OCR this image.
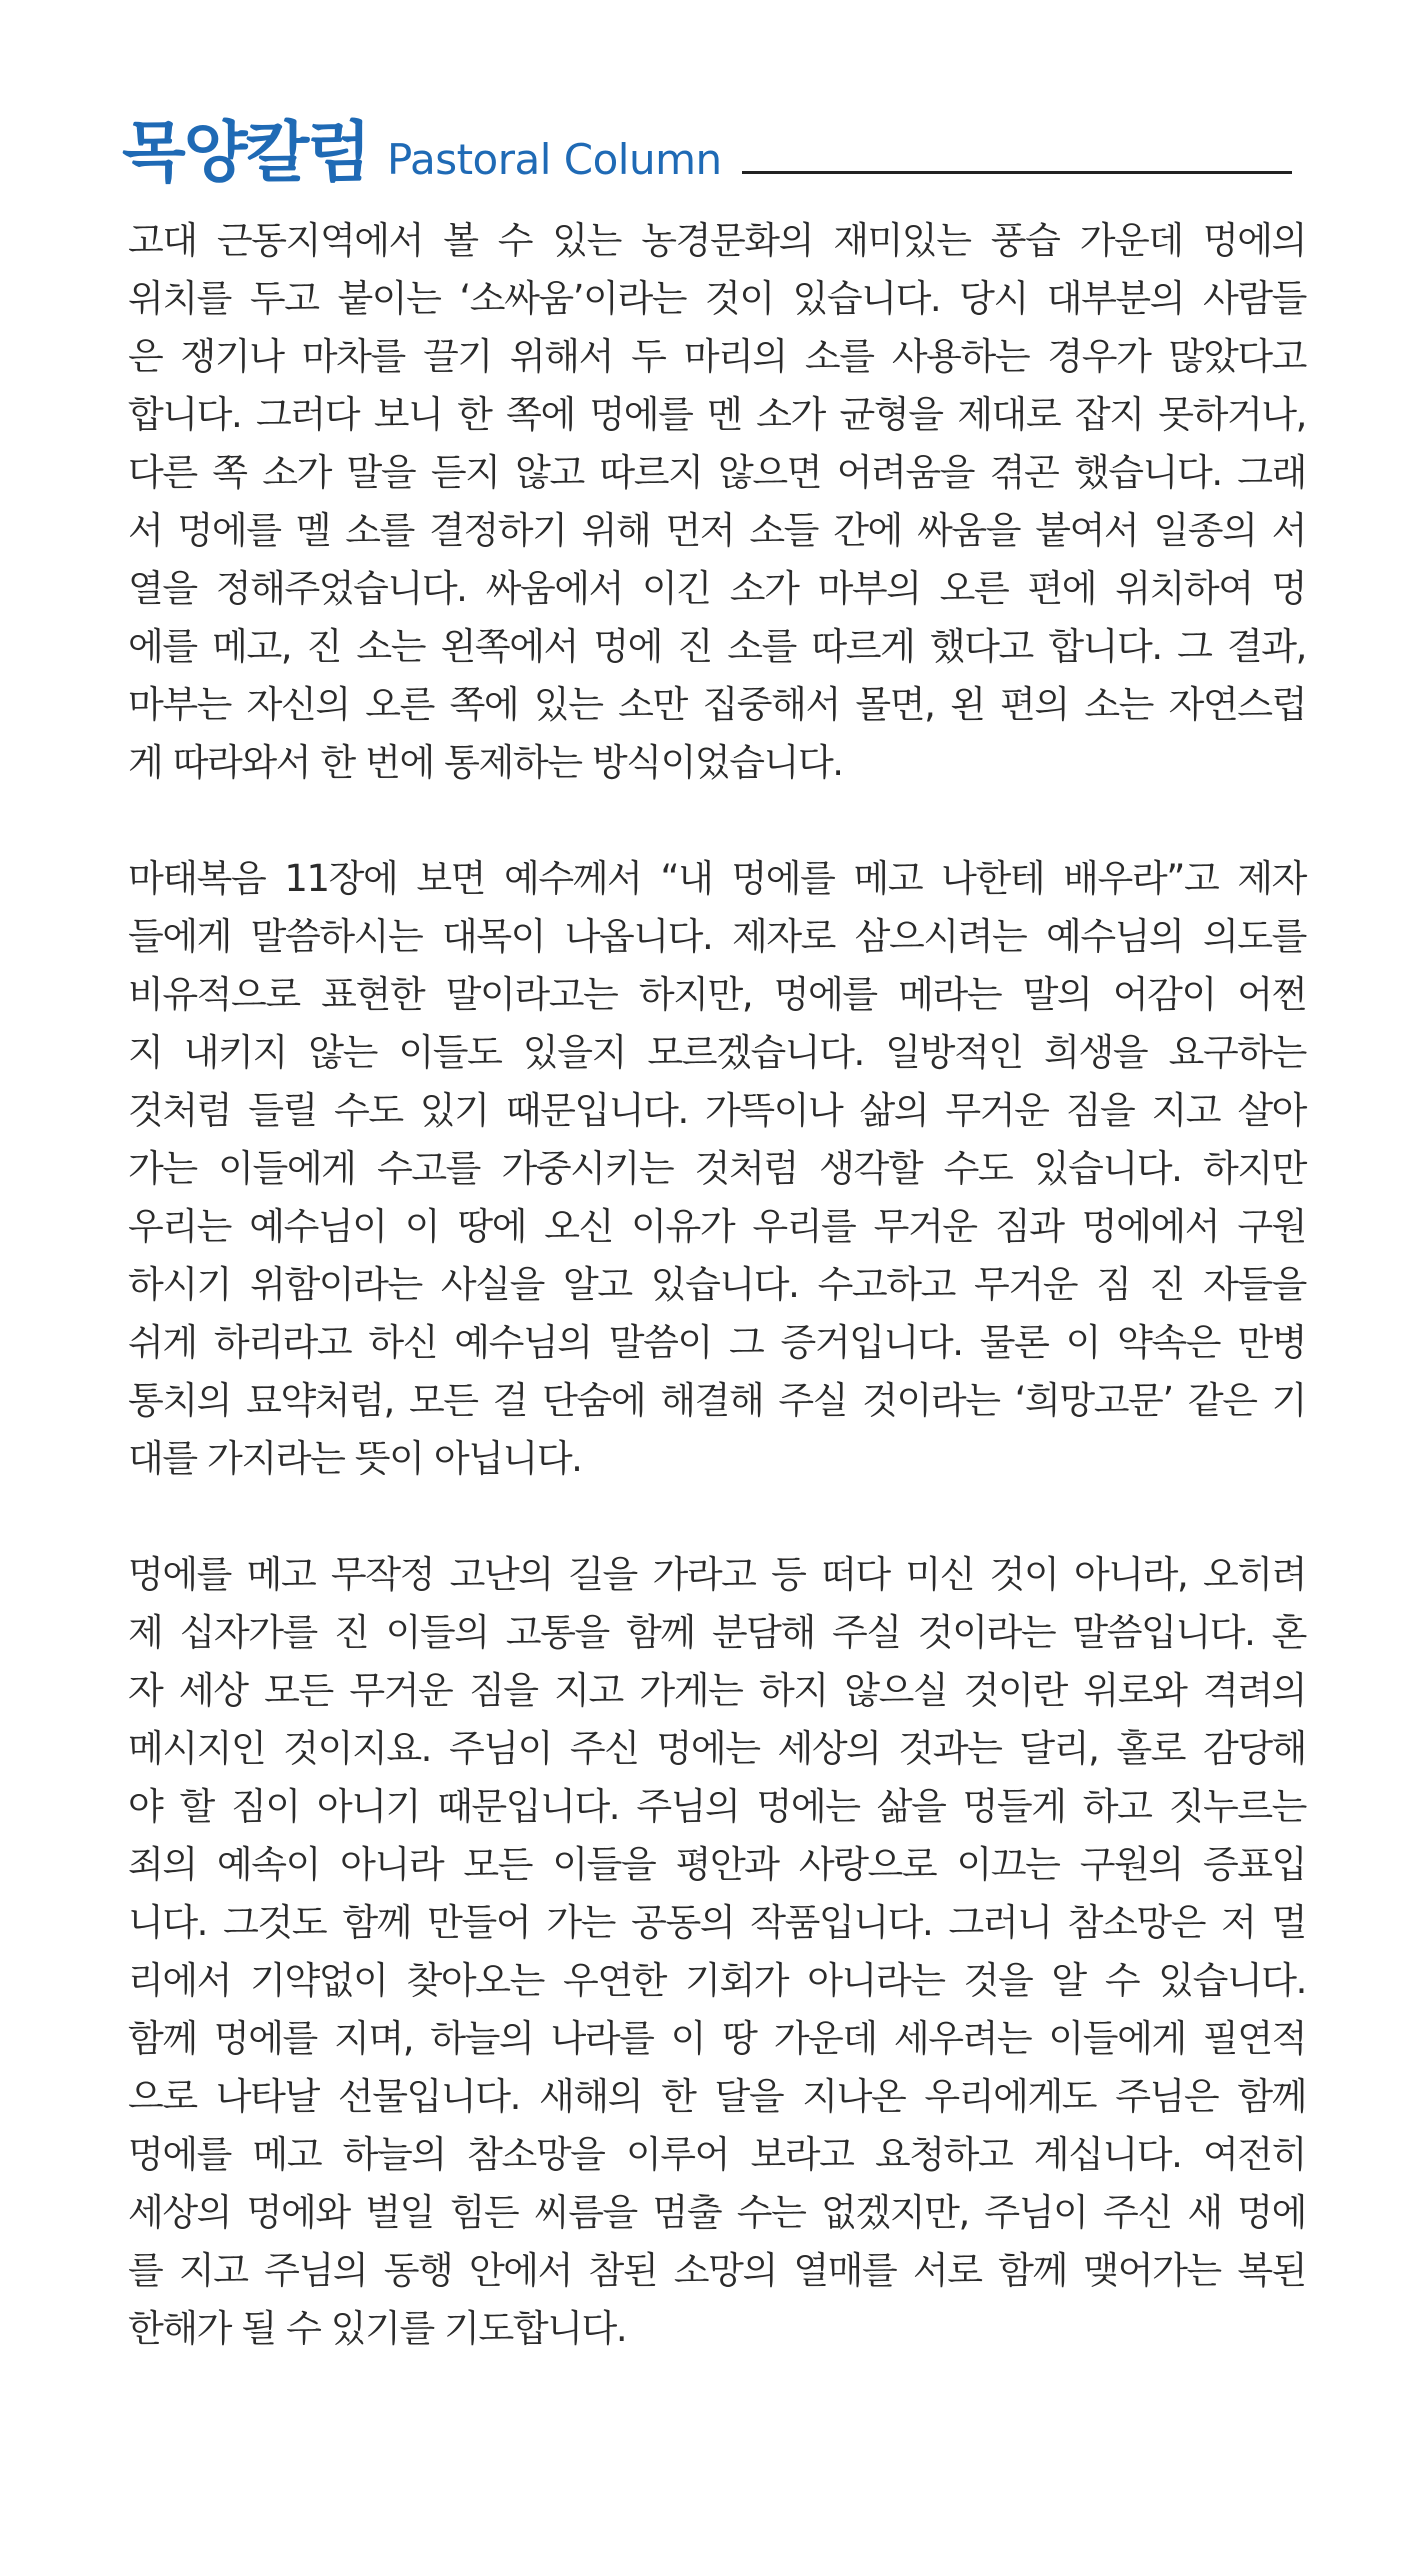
목양칼럼 Pastoral Column
고대 근동지역에서 볼 수 있는 농경문화의 재미있는 풍습 가운데 멍에의
위치를 두고 붙이는 ‘소싸움’이라는 것이 있습니다. 당시 대부분의 사람들
은 쟁기나 마차를 끌기 위해서 두 마리의 소를 사용하는 경우가 많았다고
합니다. 그러다 보니 한 쪽에 멍에를 멘 소가 균형을 제대로 잡지 못하거나,
다른 쪽 소가 말을 듣지 않고 따르지 않으면 어려움을 겪곤 했습니다. 그래
서 멍에를 멜 소를 결정하기 위해 먼저 소들 간에 싸움을 붙여서 일종의 서
열을 정해주었습니다. 싸움에서 이긴 소가 마부의 오른 편에 위치하여 멍
에를 메고, 진 소는 왼쪽에서 멍에 진 소를 따르게 했다고 합니다. 그 결과,
마부는 자신의 오른 쪽에 있는 소만 집중해서 몰면, 왼 편의 소는 자연스럽
게 따라와서 한 번에 통제하는 방식이었습니다.
마태복음 11장에 보면 예수께서 “내 멍에를 메고 나한테 배우라”고 제자
들에게 말씀하시는 대목이 나옵니다. 제자로 삼으시려는 예수님의 의도를
비유적으로 표현한 말이라고는 하지만, 멍에를 메라는 말의 어감이 어쩐
지 내키지 않는 이들도 있을지 모르겠습니다. 일방적인 희생을 요구하는
것처럼 들릴 수도 있기 때문입니다. 가뜩이나 삶의 무거운 짐을 지고 살아
가는 이들에게 수고를 가중시키는 것처럼 생각할 수도 있습니다. 하지만
우리는 예수님이 이 땅에 오신 이유가 우리를 무거운 짐과 멍에에서 구원
하시기 위함이라는 사실을 알고 있습니다. 수고하고 무거운 짐 진 자들을
쉬게 하리라고 하신 예수님의 말씀이 그 증거입니다. 물론 이 약속은 만병
통치의 묘약처럼, 모든 걸 단숨에 해결해 주실 것이라는 ‘희망고문’ 같은 기
대를 가지라는 뜻이 아닙니다.
멍에를 메고 무작정 고난의 길을 가라고 등 떠다 미신 것이 아니라, 오히려
제 십자가를 진 이들의 고통을 함께 분담해 주실 것이라는 말씀입니다. 혼
자 세상 모든 무거운 짐을 지고 가게는 하지 않으실 것이란 위로와 격려의
메시지인 것이지요. 주님이 주신 멍에는 세상의 것과는 달리, 홀로 감당해
야 할 짐이 아니기 때문입니다. 주님의 멍에는 삶을 멍들게 하고 짓누르는
죄의 예속이 아니라 모든 이들을 평안과 사랑으로 이끄는 구원의 증표입
니다. 그것도 함께 만들어 가는 공동의 작품입니다. 그러니 참소망은 저 멀
리에서 기약없이 찾아오는 우연한 기회가 아니라는 것을 알 수 있습니다.
함께 멍에를 지며, 하늘의 나라를 이 땅 가운데 세우려는 이들에게 필연적
으로 나타날 선물입니다. 새해의 한 달을 지나온 우리에게도 주님은 함께
멍에를 메고 하늘의 참소망을 이루어 보라고 요청하고 계십니다. 여전히
세상의 멍에와 벌일 힘든 씨름을 멈출 수는 없겠지만, 주님이 주신 새 멍에
를 지고 주님의 동행 안에서 참된 소망의 열매를 서로 함께 맺어가는 복된
한해가 될 수 있기를 기도합니다.
